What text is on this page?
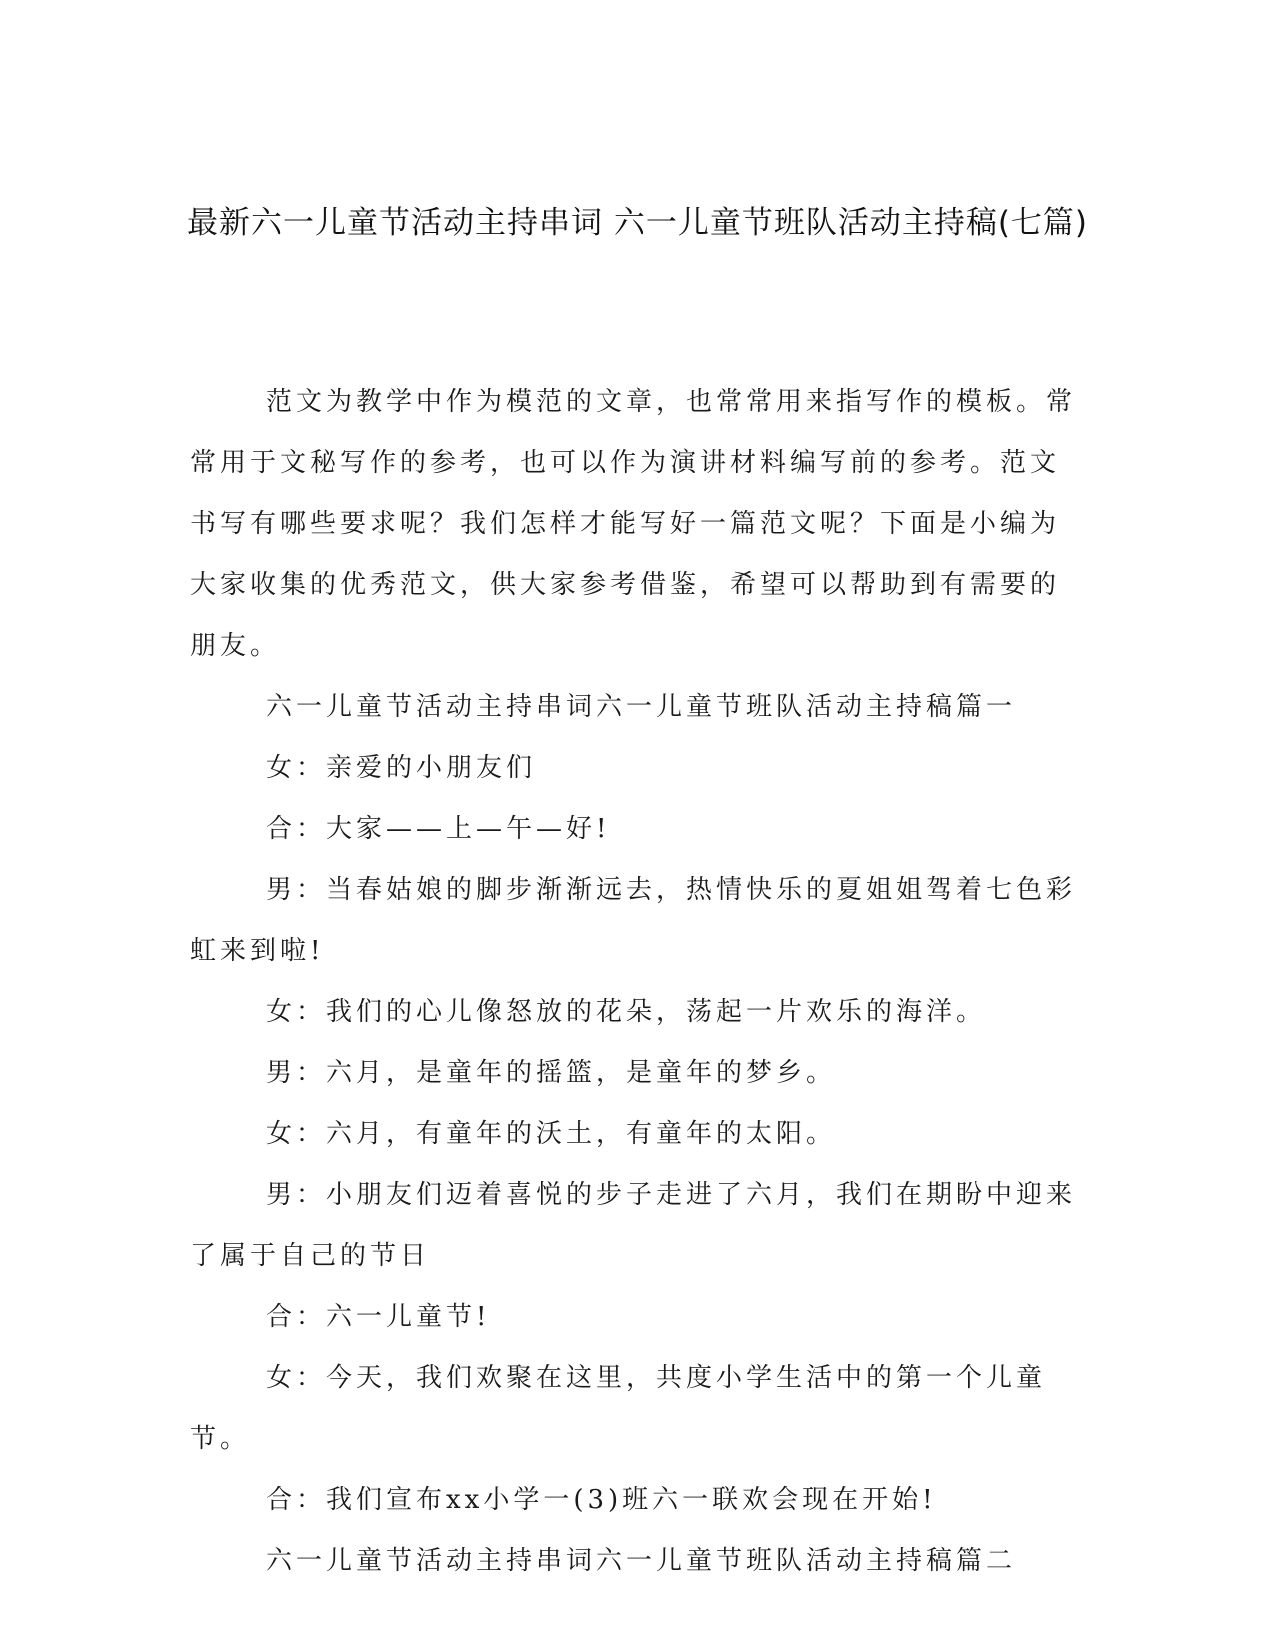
最新六一儿童节活动主持串词 六一儿童节班队活动主持稿(七篇)

范文为教学中作为模范的文章，也常常用来指写作的模板。常常用于文秘写作的参考，也可以作为演讲材料编写前的参考。范文书写有哪些要求呢？我们怎样才能写好一篇范文呢？下面是小编为大家收集的优秀范文，供大家参考借鉴，希望可以帮助到有需要的朋友。

六一儿童节活动主持串词六一儿童节班队活动主持稿篇一

女：亲爱的小朋友们

合：大家——上—午—好!

男：当春姑娘的脚步渐渐远去，热情快乐的夏姐姐驾着七色彩虹来到啦!

女：我们的心儿像怒放的花朵，荡起一片欢乐的海洋。

男：六月，是童年的摇篮，是童年的梦乡。

女：六月，有童年的沃土，有童年的太阳。

男：小朋友们迈着喜悦的步子走进了六月，我们在期盼中迎来了属于自己的节日

合：六一儿童节!

女：今天，我们欢聚在这里，共度小学生活中的第一个儿童节。

合：我们宣布xx小学一(3)班六一联欢会现在开始!

六一儿童节活动主持串词六一儿童节班队活动主持稿篇二
